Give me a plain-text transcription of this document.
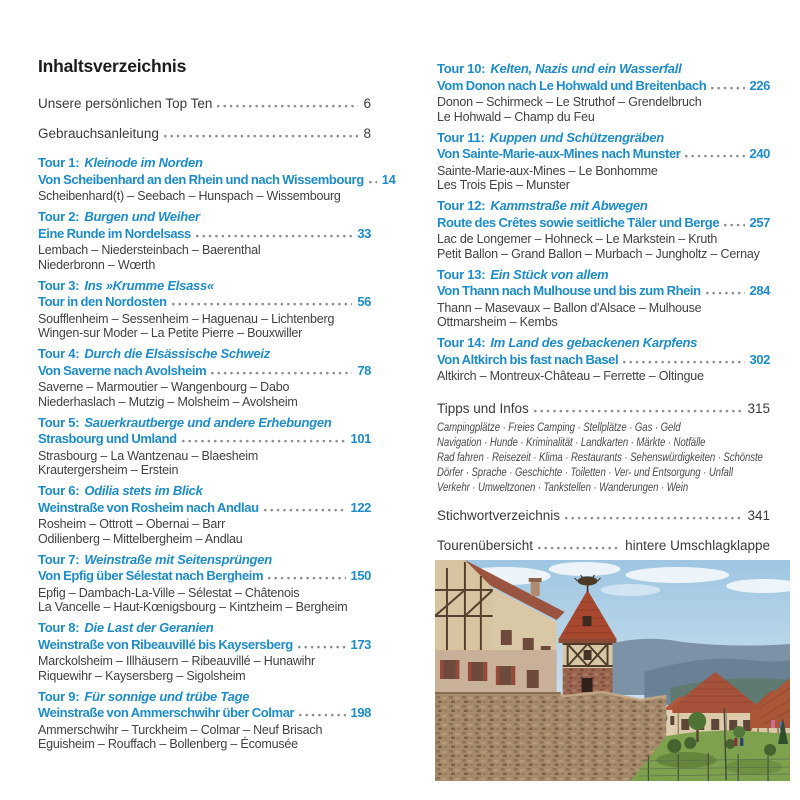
Inhaltsverzeichnis
Unsere persönlichen Top Ten	6
Gebrauchsanleitung	8
Tour 1: Kleinode im Norden
Von Scheibenhard an den Rhein und nach Wissembourg 14
Scheibenhard(t) – Seebach – Hunspach – Wissembourg
Tour 2: Burgen und Weiher
Eine Runde im Nordelsass	33
Lembach – Niedersteinbach – Baerenthal
Niederbronn – Wœrth
Tour 3: Ins »Krumme Elsass«
Tour in den Nordosten	56
Soufflenheim – Sessenheim – Haguenau – Lichtenberg
Wingen-sur Moder – La Petite Pierre – Bouxwiller
Tour 4: Durch die Elsässische Schweiz
Von Saverne nach Avolsheim	78
Saverne – Marmoutier – Wangenbourg – Dabo
Niederhaslach – Mutzig – Molsheim – Avolsheim
Tour 5: Sauerkrautberge und andere Erhebungen
Strasbourg und Umland	101
Strasbourg – La Wantzenau – Blaesheim
Krautergersheim – Erstein
Tour 6: Odilia stets im Blick
Weinstraße von Rosheim nach Andlau	122
Rosheim – Ottrott – Obernai – Barr
Odilienberg – Mittelbergheim – Andlau
Tour 7: Weinstraße mit Seitensprüngen
Von Epfig über Sélestat nach Bergheim	150
Epfig – Dambach-La-Ville – Sélestat – Châtenois
La Vancelle – Haut-Kœnigsbourg – Kintzheim – Bergheim
Tour 8: Die Last der Geranien
Weinstraße von Ribeauvillé bis Kaysersberg	173
Marckolsheim – Illhäusern – Ribeauvillé – Hunawihr
Riquewihr – Kaysersberg – Sigolsheim
Tour 9: Für sonnige und trübe Tage
Weinstraße von Ammerschwihr über Colmar	198
Ammerschwihr – Turckheim – Colmar – Neuf Brisach
Eguisheim – Rouffach – Bollenberg – Écomusée
Tour 10: Kelten, Nazis und ein Wasserfall
Vom Donon nach Le Hohwald und Breitenbach	226
Donon – Schirmeck – Le Struthof – Grendelbruch
Le Hohwald – Champ du Feu
Tour 11: Kuppen und Schützengräben
Von Sainte-Marie-aux-Mines nach Munster	240
Sainte-Marie-aux-Mines – Le Bonhomme
Les Trois Epis – Munster
Tour 12: Kammstraße mit Abwegen
Route des Crêtes sowie seitliche Täler und Berge 257
Lac de Longemer – Hohneck – Le Markstein – Kruth
Petit Ballon – Grand Ballon – Murbach – Jungholtz – Cernay
Tour 13: Ein Stück von allem
Von Thann nach Mulhouse und bis zum Rhein	284
Thann – Masevaux – Ballon d'Alsace – Mulhouse
Ottmarsheim – Kembs
Tour 14: Im Land des gebackenen Karpfens
Von Altkirch bis fast nach Basel	302
Altkirch – Montreux-Château – Ferrette – Oltingue
Tipps und Infos	315
Campingplätze · Freies Camping · Stellplätze · Gas · Geld
Navigation · Hunde · Kriminalität · Landkarten · Märkte · Notfälle
Rad fahren · Reisezeit · Klima · Restaurants · Sehenswürdigkeiten · Schönste
Dörfer · Sprache · Geschichte · Toiletten · Ver- und Entsorgung · Unfall
Verkehr · Umweltzonen · Tankstellen · Wanderungen · Wein
Stichwortverzeichnis	341
Tourenübersicht	hintere Umschlagklappe
